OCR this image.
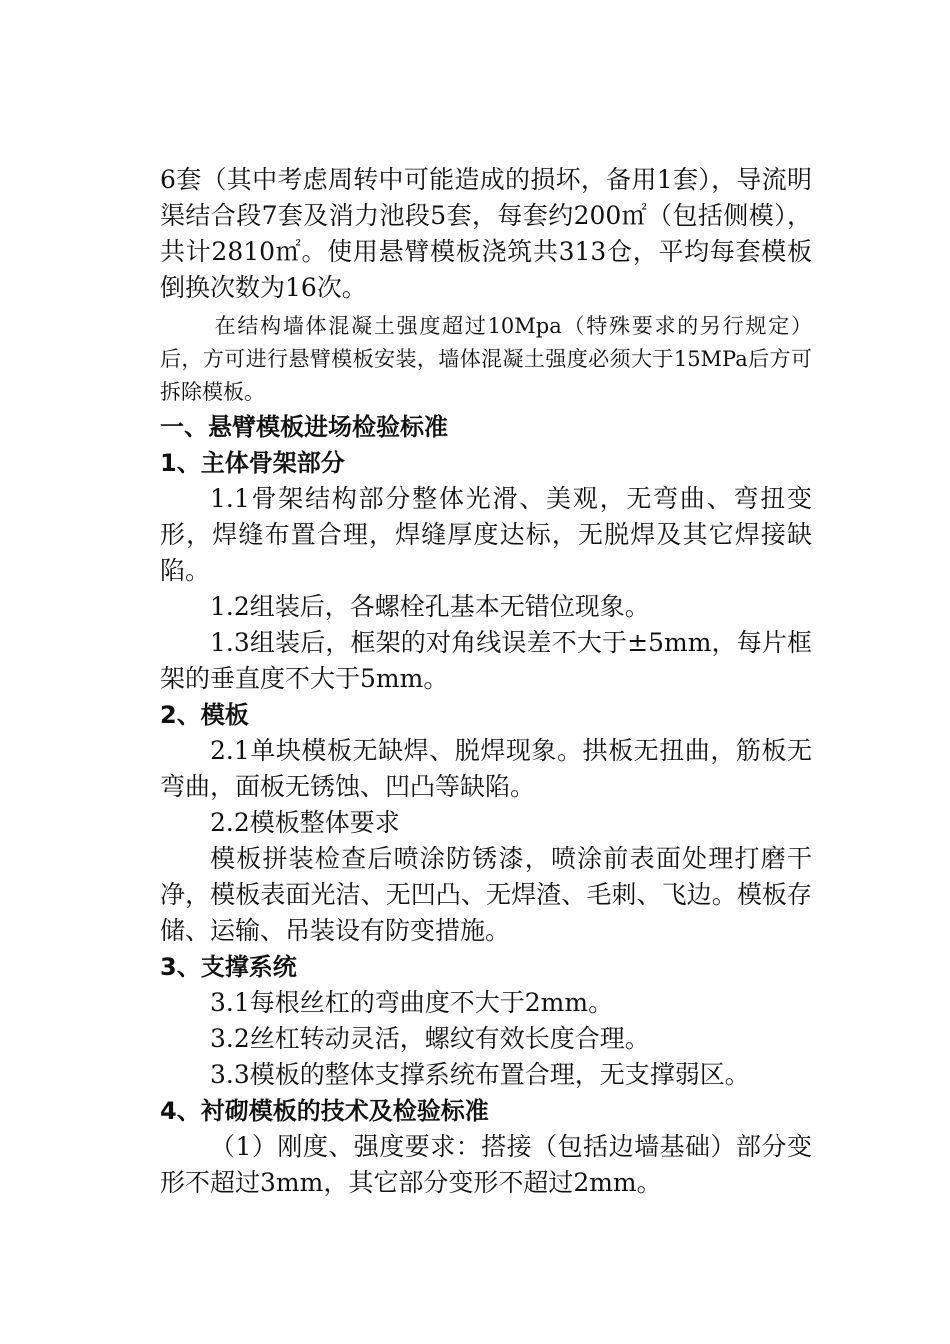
6套（其中考虑周转中可能造成的损坏，备用1套），导流明渠结合段7套及消力池段5套，每套约200㎡（包括侧模），共计2810㎡。使用悬臂模板浇筑共313仓，平均每套模板倒换次数为16次。

在结构墙体混凝土强度超过10Mpa（特殊要求的另行规定）后，方可进行悬臂模板安装，墙体混凝土强度必须大于15MPa后方可拆除模板。

一、悬臂模板进场检验标准

1、主体骨架部分

1.1骨架结构部分整体光滑、美观，无弯曲、弯扭变形，焊缝布置合理，焊缝厚度达标，无脱焊及其它焊接缺陷。

1.2组装后，各螺栓孔基本无错位现象。

1.3组装后，框架的对角线误差不大于±5mm，每片框架的垂直度不大于5mm。

2、模板

2.1单块模板无缺焊、脱焊现象。拱板无扭曲，筋板无弯曲，面板无锈蚀、凹凸等缺陷。

2.2模板整体要求

模板拼装检查后喷涂防锈漆，喷涂前表面处理打磨干净，模板表面光洁、无凹凸、无焊渣、毛刺、飞边。模板存储、运输、吊装设有防变措施。

3、支撑系统

3.1每根丝杠的弯曲度不大于2mm。

3.2丝杠转动灵活，螺纹有效长度合理。

3.3模板的整体支撑系统布置合理，无支撑弱区。

4、衬砌模板的技术及检验标准

（1）刚度、强度要求：搭接（包括边墙基础）部分变形不超过3mm，其它部分变形不超过2mm。
